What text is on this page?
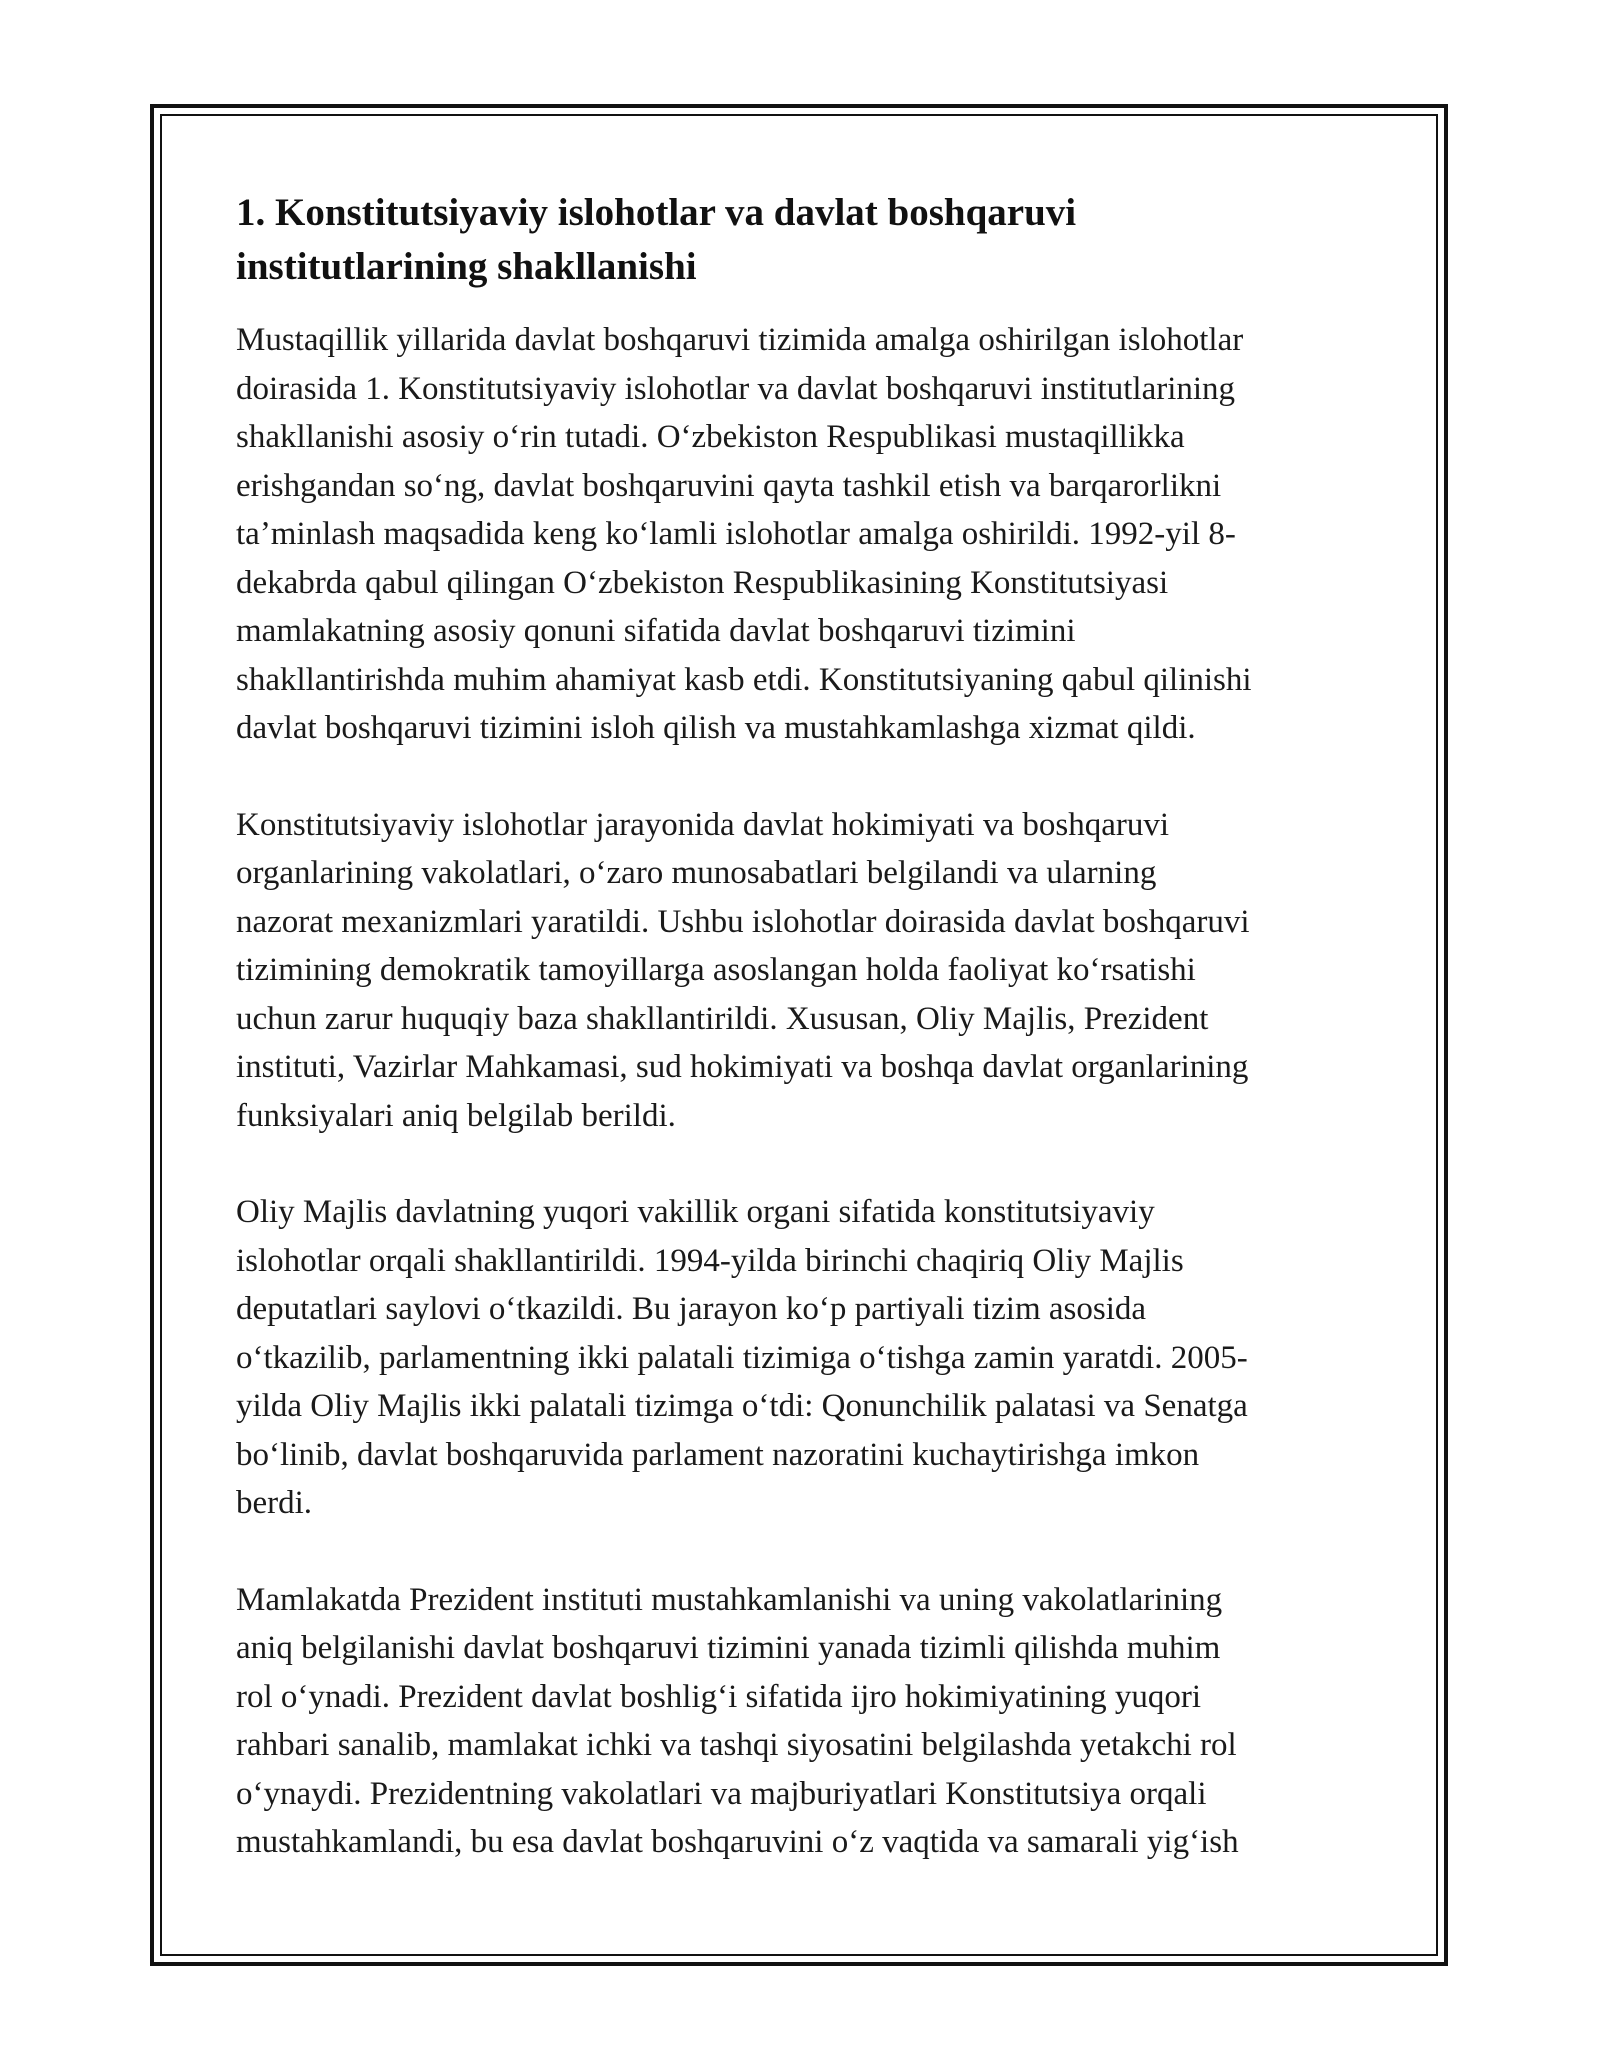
1. Konstitutsiyaviy islohotlar va davlat boshqaruvi
institutlarining shakllanishi

Mustaqillik yillarida davlat boshqaruvi tizimida amalga oshirilgan islohotlar
doirasida 1. Konstitutsiyaviy islohotlar va davlat boshqaruvi institutlarining
shakllanishi asosiy oʻrin tutadi. Oʻzbekiston Respublikasi mustaqillikka
erishgandan soʻng, davlat boshqaruvini qayta tashkil etish va barqarorlikni
taʼminlash maqsadida keng koʻlamli islohotlar amalga oshirildi. 1992-yil 8-
dekabrda qabul qilingan Oʻzbekiston Respublikasining Konstitutsiyasi
mamlakatning asosiy qonuni sifatida davlat boshqaruvi tizimini
shakllantirishda muhim ahamiyat kasb etdi. Konstitutsiyaning qabul qilinishi
davlat boshqaruvi tizimini isloh qilish va mustahkamlashga xizmat qildi.

Konstitutsiyaviy islohotlar jarayonida davlat hokimiyati va boshqaruvi
organlarining vakolatlari, oʻzaro munosabatlari belgilandi va ularning
nazorat mexanizmlari yaratildi. Ushbu islohotlar doirasida davlat boshqaruvi
tizimining demokratik tamoyillarga asoslangan holda faoliyat koʻrsatishi
uchun zarur huquqiy baza shakllantirildi. Xususan, Oliy Majlis, Prezident
instituti, Vazirlar Mahkamasi, sud hokimiyati va boshqa davlat organlarining
funksiyalari aniq belgilab berildi.

Oliy Majlis davlatning yuqori vakillik organi sifatida konstitutsiyaviy
islohotlar orqali shakllantirildi. 1994-yilda birinchi chaqiriq Oliy Majlis
deputatlari saylovi oʻtkazildi. Bu jarayon koʻp partiyali tizim asosida
oʻtkazilib, parlamentning ikki palatali tizimiga oʻtishga zamin yaratdi. 2005-
yilda Oliy Majlis ikki palatali tizimga oʻtdi: Qonunchilik palatasi va Senatga
boʻlinib, davlat boshqaruvida parlament nazoratini kuchaytirishga imkon
berdi.

Mamlakatda Prezident instituti mustahkamlanishi va uning vakolatlarining
aniq belgilanishi davlat boshqaruvi tizimini yanada tizimli qilishda muhim
rol oʻynadi. Prezident davlat boshligʻi sifatida ijro hokimiyatining yuqori
rahbari sanalib, mamlakat ichki va tashqi siyosatini belgilashda yetakchi rol
oʻynaydi. Prezidentning vakolatlari va majburiyatlari Konstitutsiya orqali
mustahkamlandi, bu esa davlat boshqaruvini oʻz vaqtida va samarali yigʻish
